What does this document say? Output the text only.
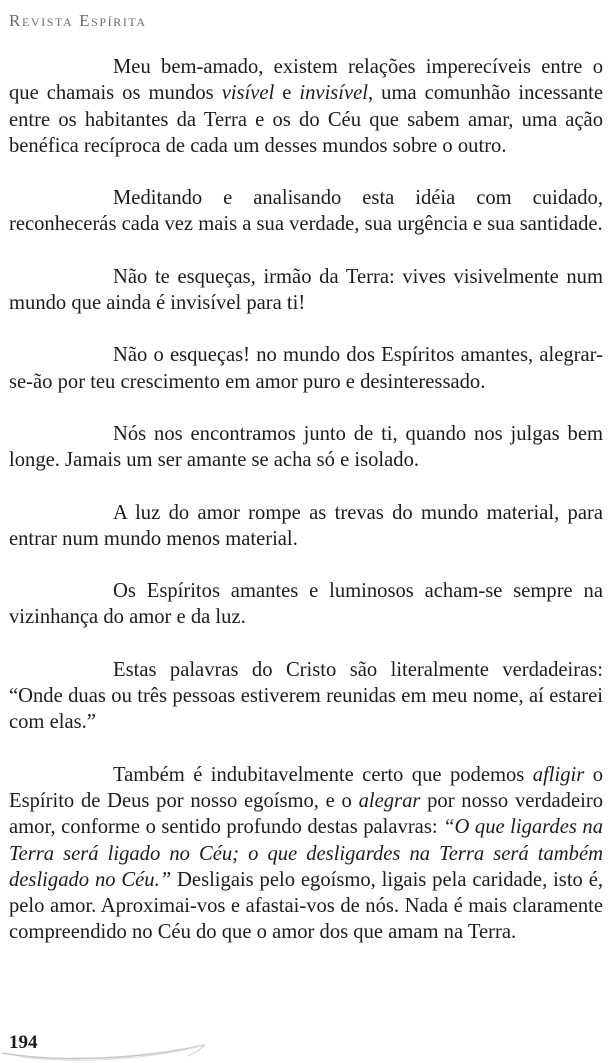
Revista Espírita

Meu bem-amado, existem relações imperecíveis entre o que chamais os mundos visível e invisível, uma comunhão incessante entre os habitantes da Terra e os do Céu que sabem amar, uma ação benéfica recíproca de cada um desses mundos sobre o outro.

Meditando e analisando esta idéia com cuidado, reconhecerás cada vez mais a sua verdade, sua urgência e sua santidade.

Não te esqueças, irmão da Terra: vives visivelmente num mundo que ainda é invisível para ti!

Não o esqueças! no mundo dos Espíritos amantes, alegrar-se-ão por teu crescimento em amor puro e desinteressado.

Nós nos encontramos junto de ti, quando nos julgas bem longe. Jamais um ser amante se acha só e isolado.

A luz do amor rompe as trevas do mundo material, para entrar num mundo menos material.

Os Espíritos amantes e luminosos acham-se sempre na vizinhança do amor e da luz.

Estas palavras do Cristo são literalmente verdadeiras: “Onde duas ou três pessoas estiverem reunidas em meu nome, aí estarei com elas.”

Também é indubitavelmente certo que podemos afligir o Espírito de Deus por nosso egoísmo, e o alegrar por nosso verdadeiro amor, conforme o sentido profundo destas palavras: “O que ligardes na Terra será ligado no Céu; o que desligardes na Terra será também desligado no Céu.” Desligais pelo egoísmo, ligais pela caridade, isto é, pelo amor. Aproximai-vos e afastai-vos de nós. Nada é mais claramente compreendido no Céu do que o amor dos que amam na Terra.

194
